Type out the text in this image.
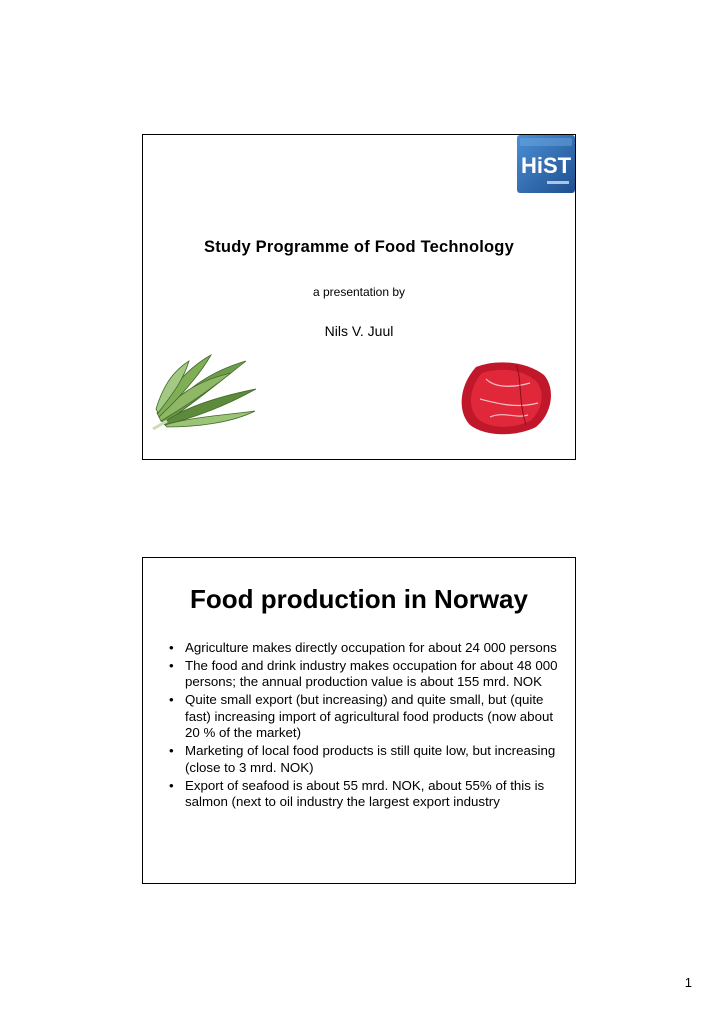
HiST
Study Programme of Food Technology
a presentation by
Nils V. Juul
Food production in Norway
• Agriculture makes directly occupation for about 24 000 persons
• The food and drink industry makes occupation for about 48 000 persons; the annual production value is about 155 mrd. NOK
• Quite small export (but increasing) and quite small, but (quite fast) increasing import of agricultural food products (now about 20 % of the market)
• Marketing of local food products is still quite low, but increasing (close to 3 mrd. NOK)
• Export of seafood is about 55 mrd. NOK, about 55% of this is salmon (next to oil industry the largest export industry
1
